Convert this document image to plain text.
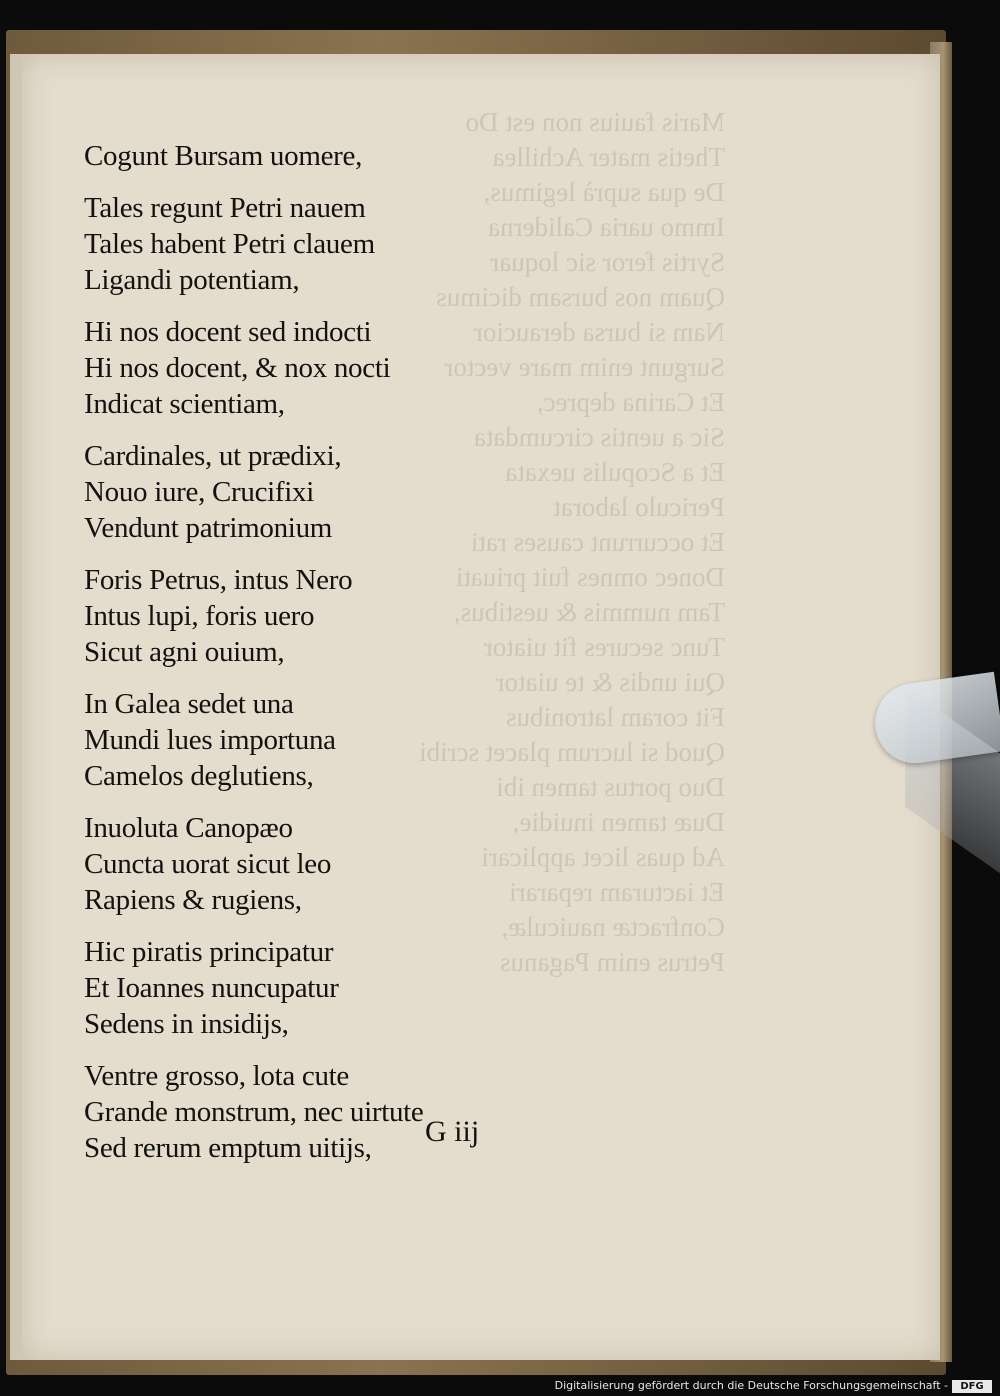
Maris fauius non est Do
Thetis mater Achillea
De qua suprà legimus,
Immo uaria Caliderna
Syrtis feror sic loquar
Quam nos bursam dicimus
Nam si bursa deraucior
Surgunt enim mare vector
Et Carina deprec,
Sic a uentis circumdata
Et a Scopulis uexata
Periculo laborat
Et occurrunt causes rati
Donec omnes fuit priuati
Tam nummis & uestibus,
Tunc secures fit uiator
Qui undis & te uiator
Fit coram latronibus
Quod si lucrum placet scribi
Duo portus tamen ibi
Duæ tamen inuidie,
Ad quas licet applicari
Et iacturam reparari
Confractæ nauiculæ,
Petrus enim Paganus
Cogunt Bursam uomere,
Tales regunt Petri nauem
Tales habent Petri clauem
Ligandi potentiam,
Hi nos docent sed indocti
Hi nos docent, & nox nocti
Indicat scientiam,
Cardinales, ut prædixi,
Nouo iure, Crucifixi
Vendunt patrimonium
Foris Petrus, intus Nero
Intus lupi, foris uero
Sicut agni ouium,
In Galea sedet una
Mundi lues importuna
Camelos deglutiens,
Inuoluta Canopæo
Cuncta uorat sicut leo
Rapiens & rugiens,
Hic piratis principatur
Et Ioannes nuncupatur
Sedens in insidijs,
Ventre grosso, lota cute
Grande monstrum, nec uirtute
Sed rerum emptum uitijs,	G iij
Digitalisierung gefördert durch die Deutsche Forschungsgemeinschaft -	DFG
